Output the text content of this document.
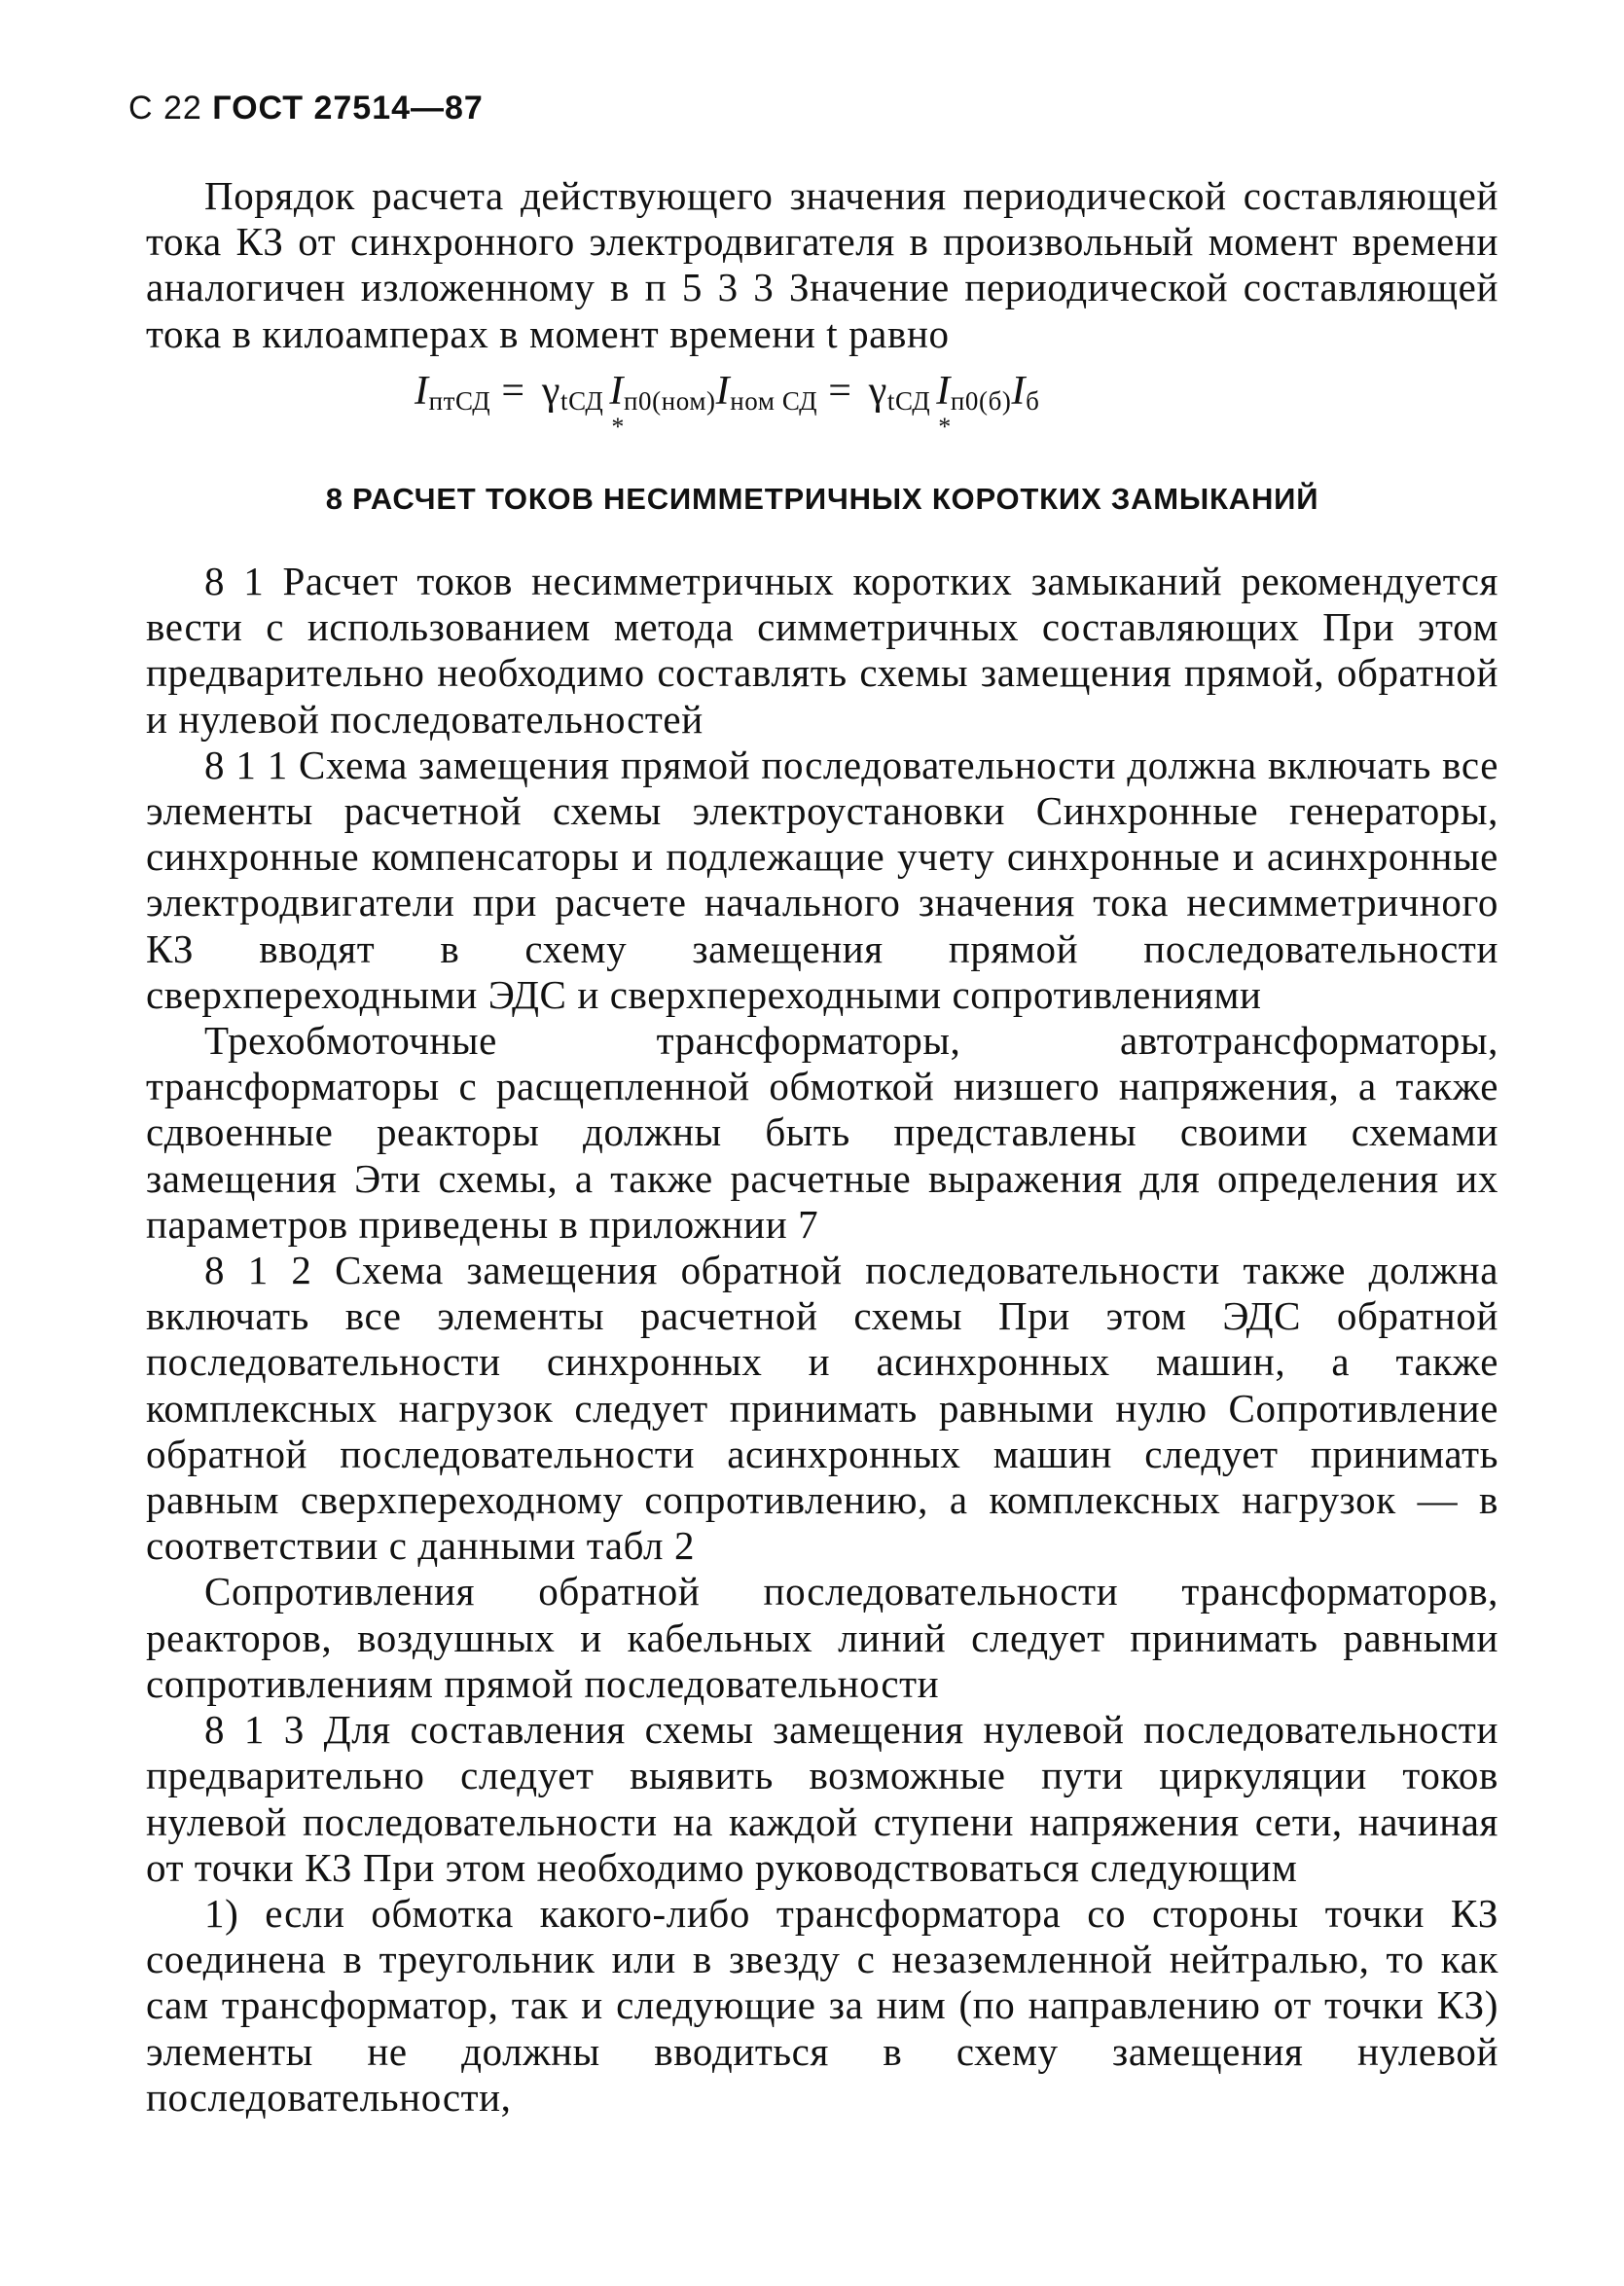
С 22 ГОСТ 27514—87

Порядок расчета действующего значения периодической составляющей тока КЗ от синхронного электродвигателя в произвольный момент времени аналогичен изложенному в п 5 3 3 Значение периодической составляющей тока в килоамперах в момент времени t равно

$I_{птСД} = \gamma_{tСД}$ I $*_{п0(ном)}I_{ном СД} = \gamma_{tСД}$ I $*_{п0(б)}I_б$
8 РАСЧЕТ ТОКОВ НЕСИММЕТРИЧНЫХ КОРОТКИХ ЗАМЫКАНИЙ

8 1 Расчет токов несимметричных коротких замыканий рекомендуется вести с использованием метода симметричных составляющих При этом предварительно необходимо составлять схемы замещения прямой, обратной и нулевой последовательностей

8 1 1 Схема замещения прямой последовательности должна включать все элементы расчетной схемы электроустановки Синхронные генераторы, синхронные компенсаторы и подлежащие учету синхронные и асинхронные электродвигатели при расчете начального значения тока несимметричного КЗ вводят в схему замещения прямой последовательности сверхпереходными ЭДС и сверхпереходными сопротивлениями

Трехобмоточные трансформаторы, автотрансформаторы, трансформаторы с расщепленной обмоткой низшего напряжения, а также сдвоенные реакторы должны быть представлены своими схемами замещения Эти схемы, а также расчетные выражения для определения их параметров приведены в приложнии 7

8 1 2 Схема замещения обратной последовательности также должна включать все элементы расчетной схемы При этом ЭДС обратной последовательности синхронных и асинхронных машин, а также комплексных нагрузок следует принимать равными нулю Сопротивление обратной последовательности асинхронных машин следует принимать равным сверхпереходному сопротивлению, а комплексных нагрузок — в соответствии с данными табл 2

Сопротивления обратной последовательности трансформаторов, реакторов, воздушных и кабельных линий следует принимать равными сопротивлениям прямой последовательности

8 1 3 Для составления схемы замещения нулевой последовательности предварительно следует выявить возможные пути циркуляции токов нулевой последовательности на каждой ступени напряжения сети, начиная от точки КЗ При этом необходимо руководствоваться следующим

1) если обмотка какого-либо трансформатора со стороны точки КЗ соединена в треугольник или в звезду с незаземленной нейтралью, то как сам трансформатор, так и следующие за ним (по направлению от точки КЗ) элементы не должны вводиться в схему замещения нулевой последовательности,
